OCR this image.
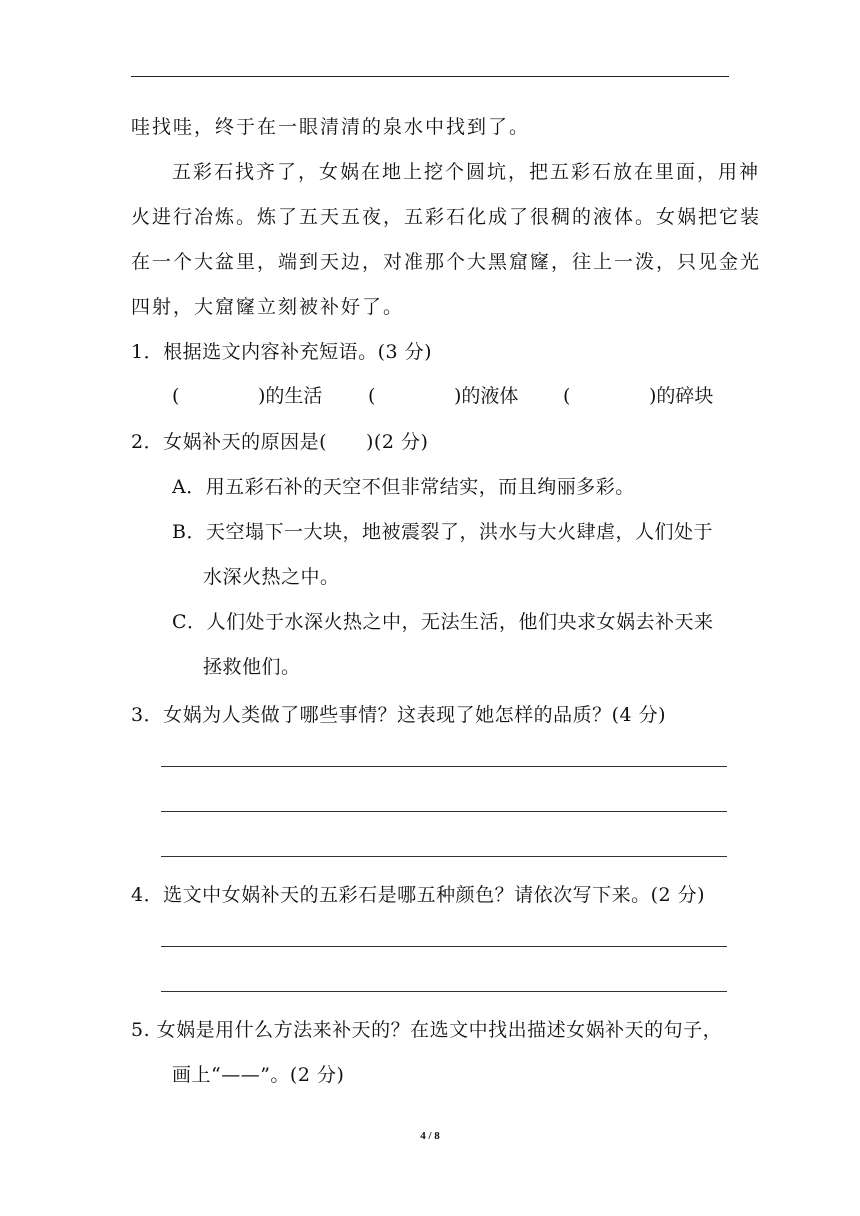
哇找哇，终于在一眼清清的泉水中找到了。
五彩石找齐了，女娲在地上挖个圆坑，把五彩石放在里面，用神
火进行冶炼。炼了五天五夜，五彩石化成了很稠的液体。女娲把它装
在一个大盆里，端到天边，对准那个大黑窟窿，往上一泼，只见金光
四射，大窟窿立刻被补好了。
1．根据选文内容补充短语。(3 分)
(	)的生活 (	)的液体 (	)的碎块
2．女娲补天的原因是(　　)(2 分)
A．用五彩石补的天空不但非常结实，而且绚丽多彩。
B．天空塌下一大块，地被震裂了，洪水与大火肆虐，人们处于
水深火热之中。
C．人们处于水深火热之中，无法生活，他们央求女娲去补天来
拯救他们。
3．女娲为人类做了哪些事情？这表现了她怎样的品质？(4 分)
4．选文中女娲补天的五彩石是哪五种颜色？请依次写下来。(2 分)
5. 女娲是用什么方法来补天的？在选文中找出描述女娲补天的句子，
画上“——”。(2 分)
4 / 8
